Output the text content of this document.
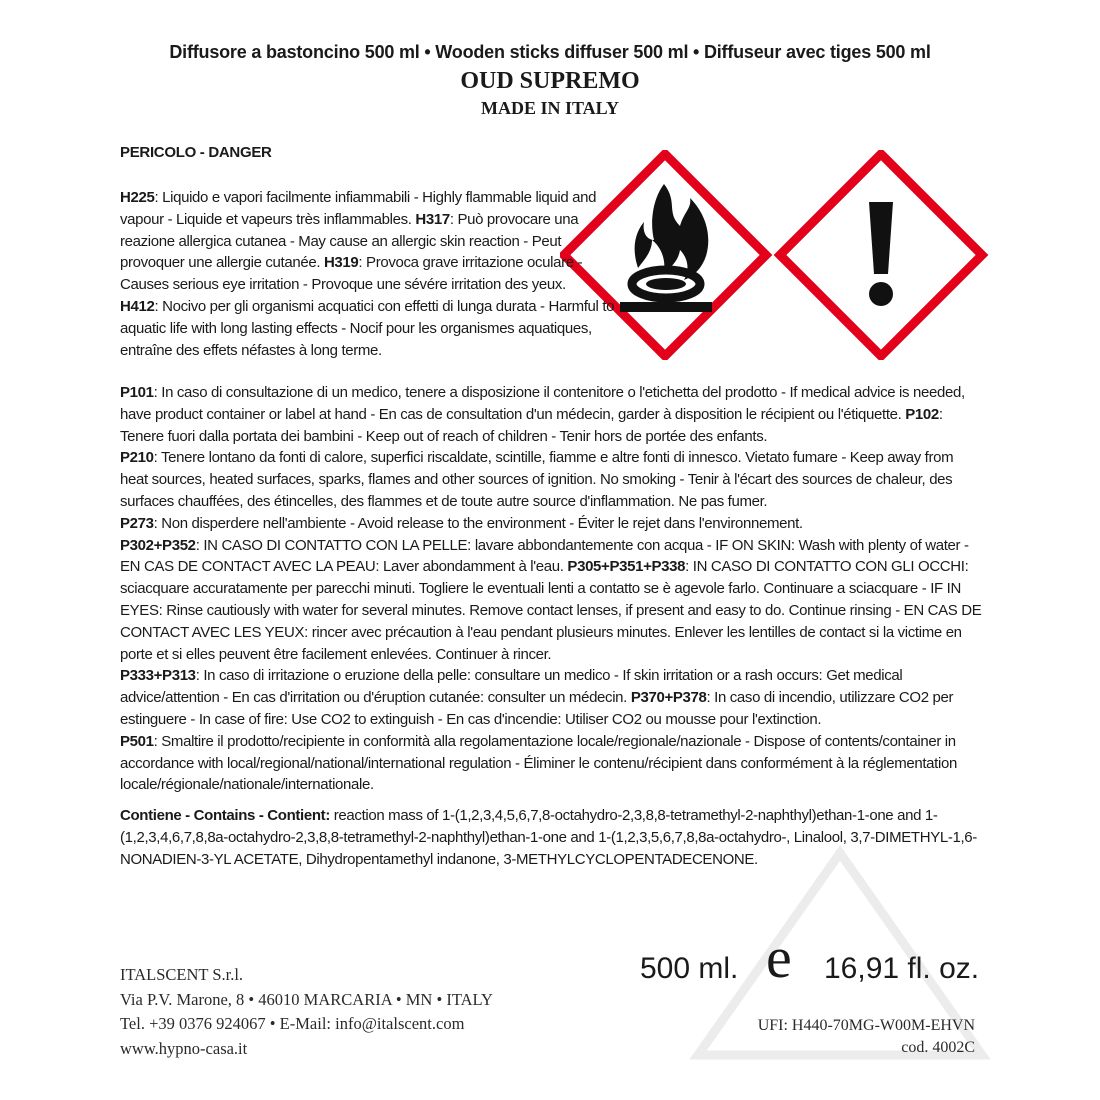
Diffusore a bastoncino 500 ml • Wooden sticks diffuser 500 ml • Diffuseur avec tiges 500 ml
OUD SUPREMO
MADE IN ITALY
PERICOLO - DANGER

H225: Liquido e vapori facilmente infiammabili - Highly flammable liquid and vapour - Liquide et vapeurs très inflammables. H317: Può provocare una reazione allergica cutanea - May cause an allergic skin reaction - Peut provoquer une allergie cutanée. H319: Provoca grave irritazione oculare - Causes serious eye irritation - Provoque une sévére irritation des yeux.

H412: Nocivo per gli organismi acquatici con effetti di lunga durata - Harmful to aquatic life with long lasting effects - Nocif pour les organismes aquatiques, entraîne des effets néfastes à long terme.

P101: In caso di consultazione di un medico, tenere a disposizione il contenitore o l'etichetta del prodotto - If medical advice is needed, have product container or label at hand - En cas de consultation d'un médecin, garder à disposition le récipient ou l'étiquette. P102: Tenere fuori dalla portata dei bambini - Keep out of reach of children - Tenir hors de portée des enfants.

P210: Tenere lontano da fonti di calore, superfici riscaldate, scintille, fiamme e altre fonti di innesco. Vietato fumare - Keep away from heat sources, heated surfaces, sparks, flames and other sources of ignition. No smoking - Tenir à l'écart des sources de chaleur, des surfaces chauffées, des étincelles, des flammes et de toute autre source d'inflammation. Ne pas fumer.

P273: Non disperdere nell'ambiente - Avoid release to the environment - Éviter le rejet dans l'environnement.

P302+P352: IN CASO DI CONTATTO CON LA PELLE: lavare abbondantemente con acqua - IF ON SKIN: Wash with plenty of water - EN CAS DE CONTACT AVEC LA PEAU: Laver abondamment à l'eau. P305+P351+P338: IN CASO DI CONTATTO CON GLI OCCHI: sciacquare accuratamente per parecchi minuti. Togliere le eventuali lenti a contatto se è agevole farlo. Continuare a sciacquare - IF IN EYES: Rinse cautiously with water for several minutes. Remove contact lenses, if present and easy to do. Continue rinsing - EN CAS DE CONTACT AVEC LES YEUX: rincer avec précaution à l'eau pendant plusieurs minutes. Enlever les lentilles de contact si la victime en porte et si elles peuvent être facilement enlevées. Continuer à rincer.

P333+P313: In caso di irritazione o eruzione della pelle: consultare un medico - If skin irritation or a rash occurs: Get medical advice/attention - En cas d'irritation ou d'éruption cutanée: consulter un médecin. P370+P378: In caso di incendio, utilizzare CO2 per estinguere - In case of fire: Use CO2 to extinguish - En cas d'incendie: Utiliser CO2 ou mousse pour l'extinction.

P501: Smaltire il prodotto/recipiente in conformità alla regolamentazione locale/regionale/nazionale - Dispose of contents/container in accordance with local/regional/national/international regulation - Éliminer le contenu/récipient dans conformément à la réglementation locale/régionale/nationale/internationale.

Contiene - Contains - Contient: reaction mass of 1-(1,2,3,4,5,6,7,8-octahydro-2,3,8,8-tetramethyl-2-naphthyl)ethan-1-one and 1-(1,2,3,4,6,7,8,8a-octahydro-2,3,8,8-tetramethyl-2-naphthyl)ethan-1-one and 1-(1,2,3,5,6,7,8,8a-octahydro-, Linalool, 3,7-DIMETHYL-1,6-NONADIEN-3-YL ACETATE, Dihydropentamethyl indanone, 3-METHYLCYCLOPENTADECENONE.

ITALSCENT S.r.l.
Via P.V. Marone, 8 • 46010 MARCARIA • MN • ITALY
Tel. +39 0376 924067 • E-Mail: info@italscent.com
www.hypno-casa.it
500 ml. e 16,91 fl. oz.
UFI: H440-70MG-W00M-EHVN
cod. 4002C
